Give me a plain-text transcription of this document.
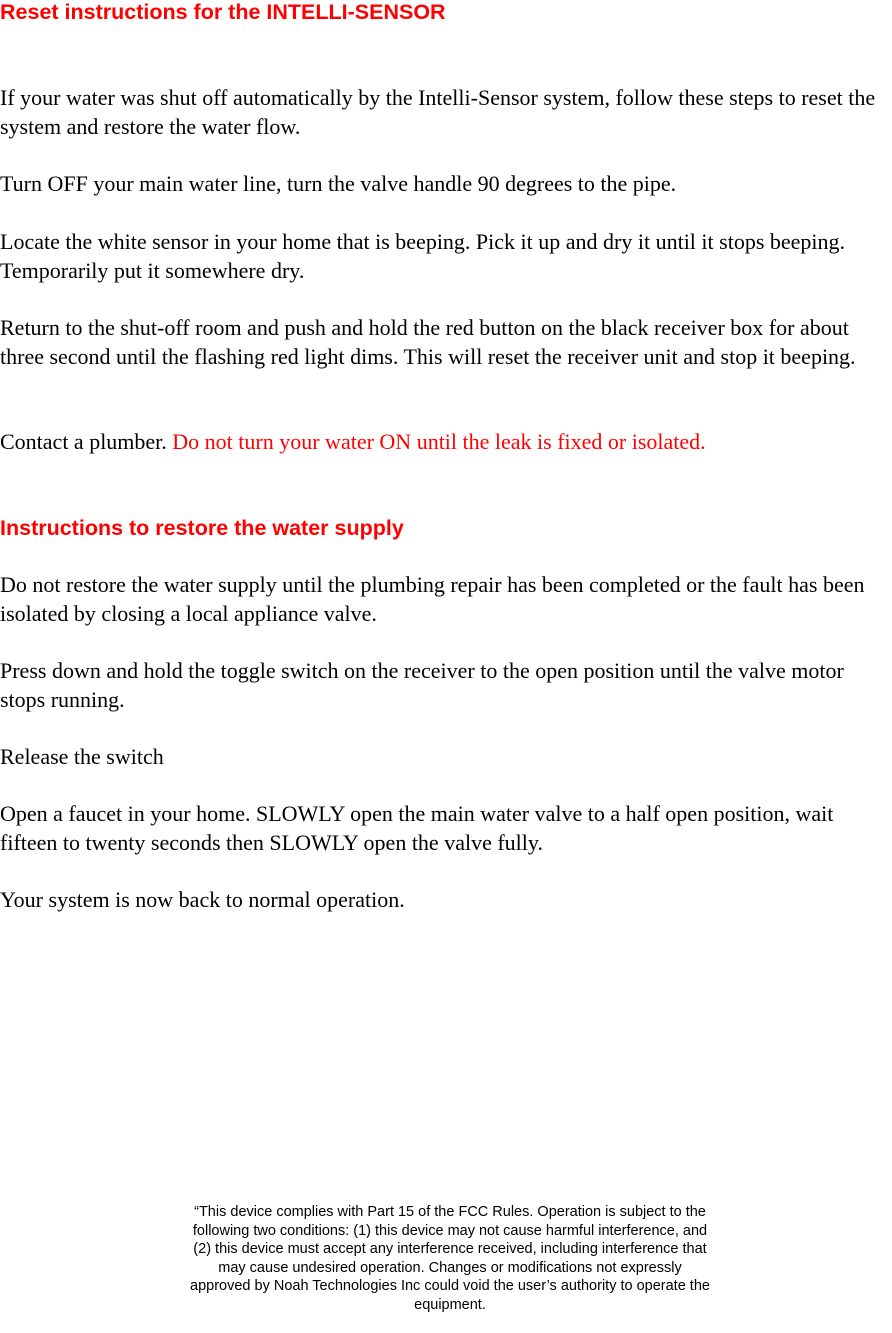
Reset instructions for the INTELLI-SENSOR

If your water was shut off automatically by the Intelli-Sensor system, follow these steps to reset the system and restore the water flow.

Turn OFF your main water line, turn the valve handle 90 degrees to the pipe.

Locate the white sensor in your home that is beeping. Pick it up and dry it until it stops beeping. Temporarily put it somewhere dry.

Return to the shut-off room and push and hold the red button on the black receiver box for about three second until the flashing red light dims. This will reset the receiver unit and stop it beeping.

Contact a plumber. Do not turn your water ON until the leak is fixed or isolated.

Instructions to restore the water supply

Do not restore the water supply until the plumbing repair has been completed or the fault has been isolated by closing a local appliance valve.

Press down and hold the toggle switch on the receiver to the open position until the valve motor stops running.

Release the switch

Open a faucet in your home. SLOWLY open the main water valve to a half open position, wait fifteen to twenty seconds then SLOWLY open the valve fully.

Your system is now back to normal operation.

“This device complies with Part 15 of the FCC Rules. Operation is subject to the following two conditions: (1) this device may not cause harmful interference, and (2) this device must accept any interference received, including interference that may cause undesired operation. Changes or modifications not expressly approved by Noah Technologies Inc could void the user’s authority to operate the equipment.
